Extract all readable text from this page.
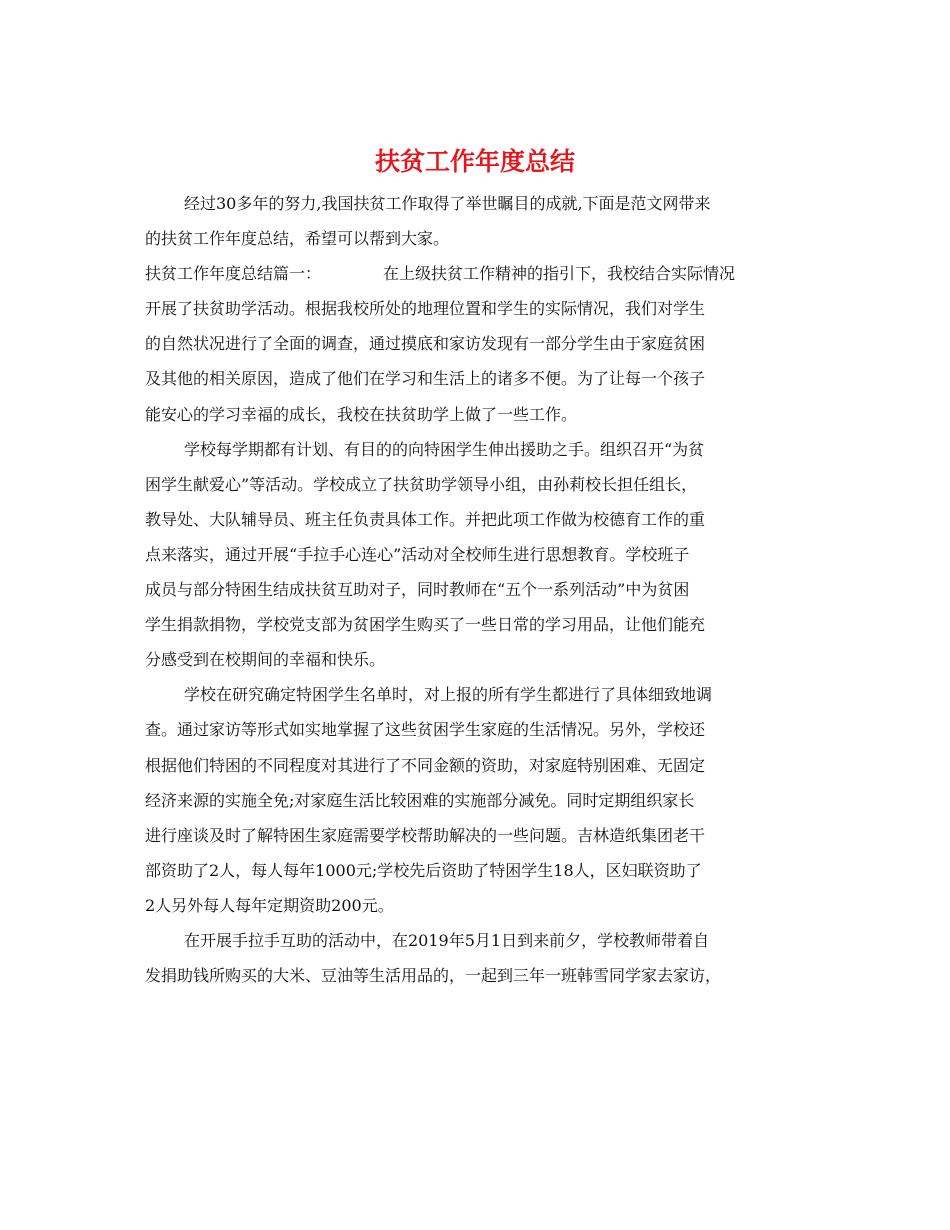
扶贫工作年度总结
经过30多年的努力,我国扶贫工作取得了举世瞩目的成就,下面是范文网带来
的扶贫工作年度总结，希望可以帮到大家。
扶贫工作年度总结篇一：	在上级扶贫工作精神的指引下，我校结合实际情况
开展了扶贫助学活动。根据我校所处的地理位置和学生的实际情况，我们对学生
的自然状况进行了全面的调查，通过摸底和家访发现有一部分学生由于家庭贫困
及其他的相关原因，造成了他们在学习和生活上的诸多不便。为了让每一个孩子
能安心的学习幸福的成长，我校在扶贫助学上做了一些工作。
学校每学期都有计划、有目的的向特困学生伸出援助之手。组织召开“为贫
困学生献爱心”等活动。学校成立了扶贫助学领导小组，由孙莉校长担任组长，
教导处、大队辅导员、班主任负责具体工作。并把此项工作做为校德育工作的重
点来落实，通过开展“手拉手心连心”活动对全校师生进行思想教育。学校班子
成员与部分特困生结成扶贫互助对子，同时教师在“五个一系列活动”中为贫困
学生捐款捐物，学校党支部为贫困学生购买了一些日常的学习用品，让他们能充
分感受到在校期间的幸福和快乐。
学校在研究确定特困学生名单时，对上报的所有学生都进行了具体细致地调
查。通过家访等形式如实地掌握了这些贫困学生家庭的生活情况。另外，学校还
根据他们特困的不同程度对其进行了不同金额的资助，对家庭特别困难、无固定
经济来源的实施全免;对家庭生活比较困难的实施部分减免。同时定期组织家长
进行座谈及时了解特困生家庭需要学校帮助解决的一些问题。吉林造纸集团老干
部资助了2人，每人每年1000元;学校先后资助了特困学生18人，区妇联资助了
2人另外每人每年定期资助200元。
在开展手拉手互助的活动中，在2019年5月1日到来前夕，学校教师带着自
发捐助钱所购买的大米、豆油等生活用品的，一起到三年一班韩雪同学家去家访，
